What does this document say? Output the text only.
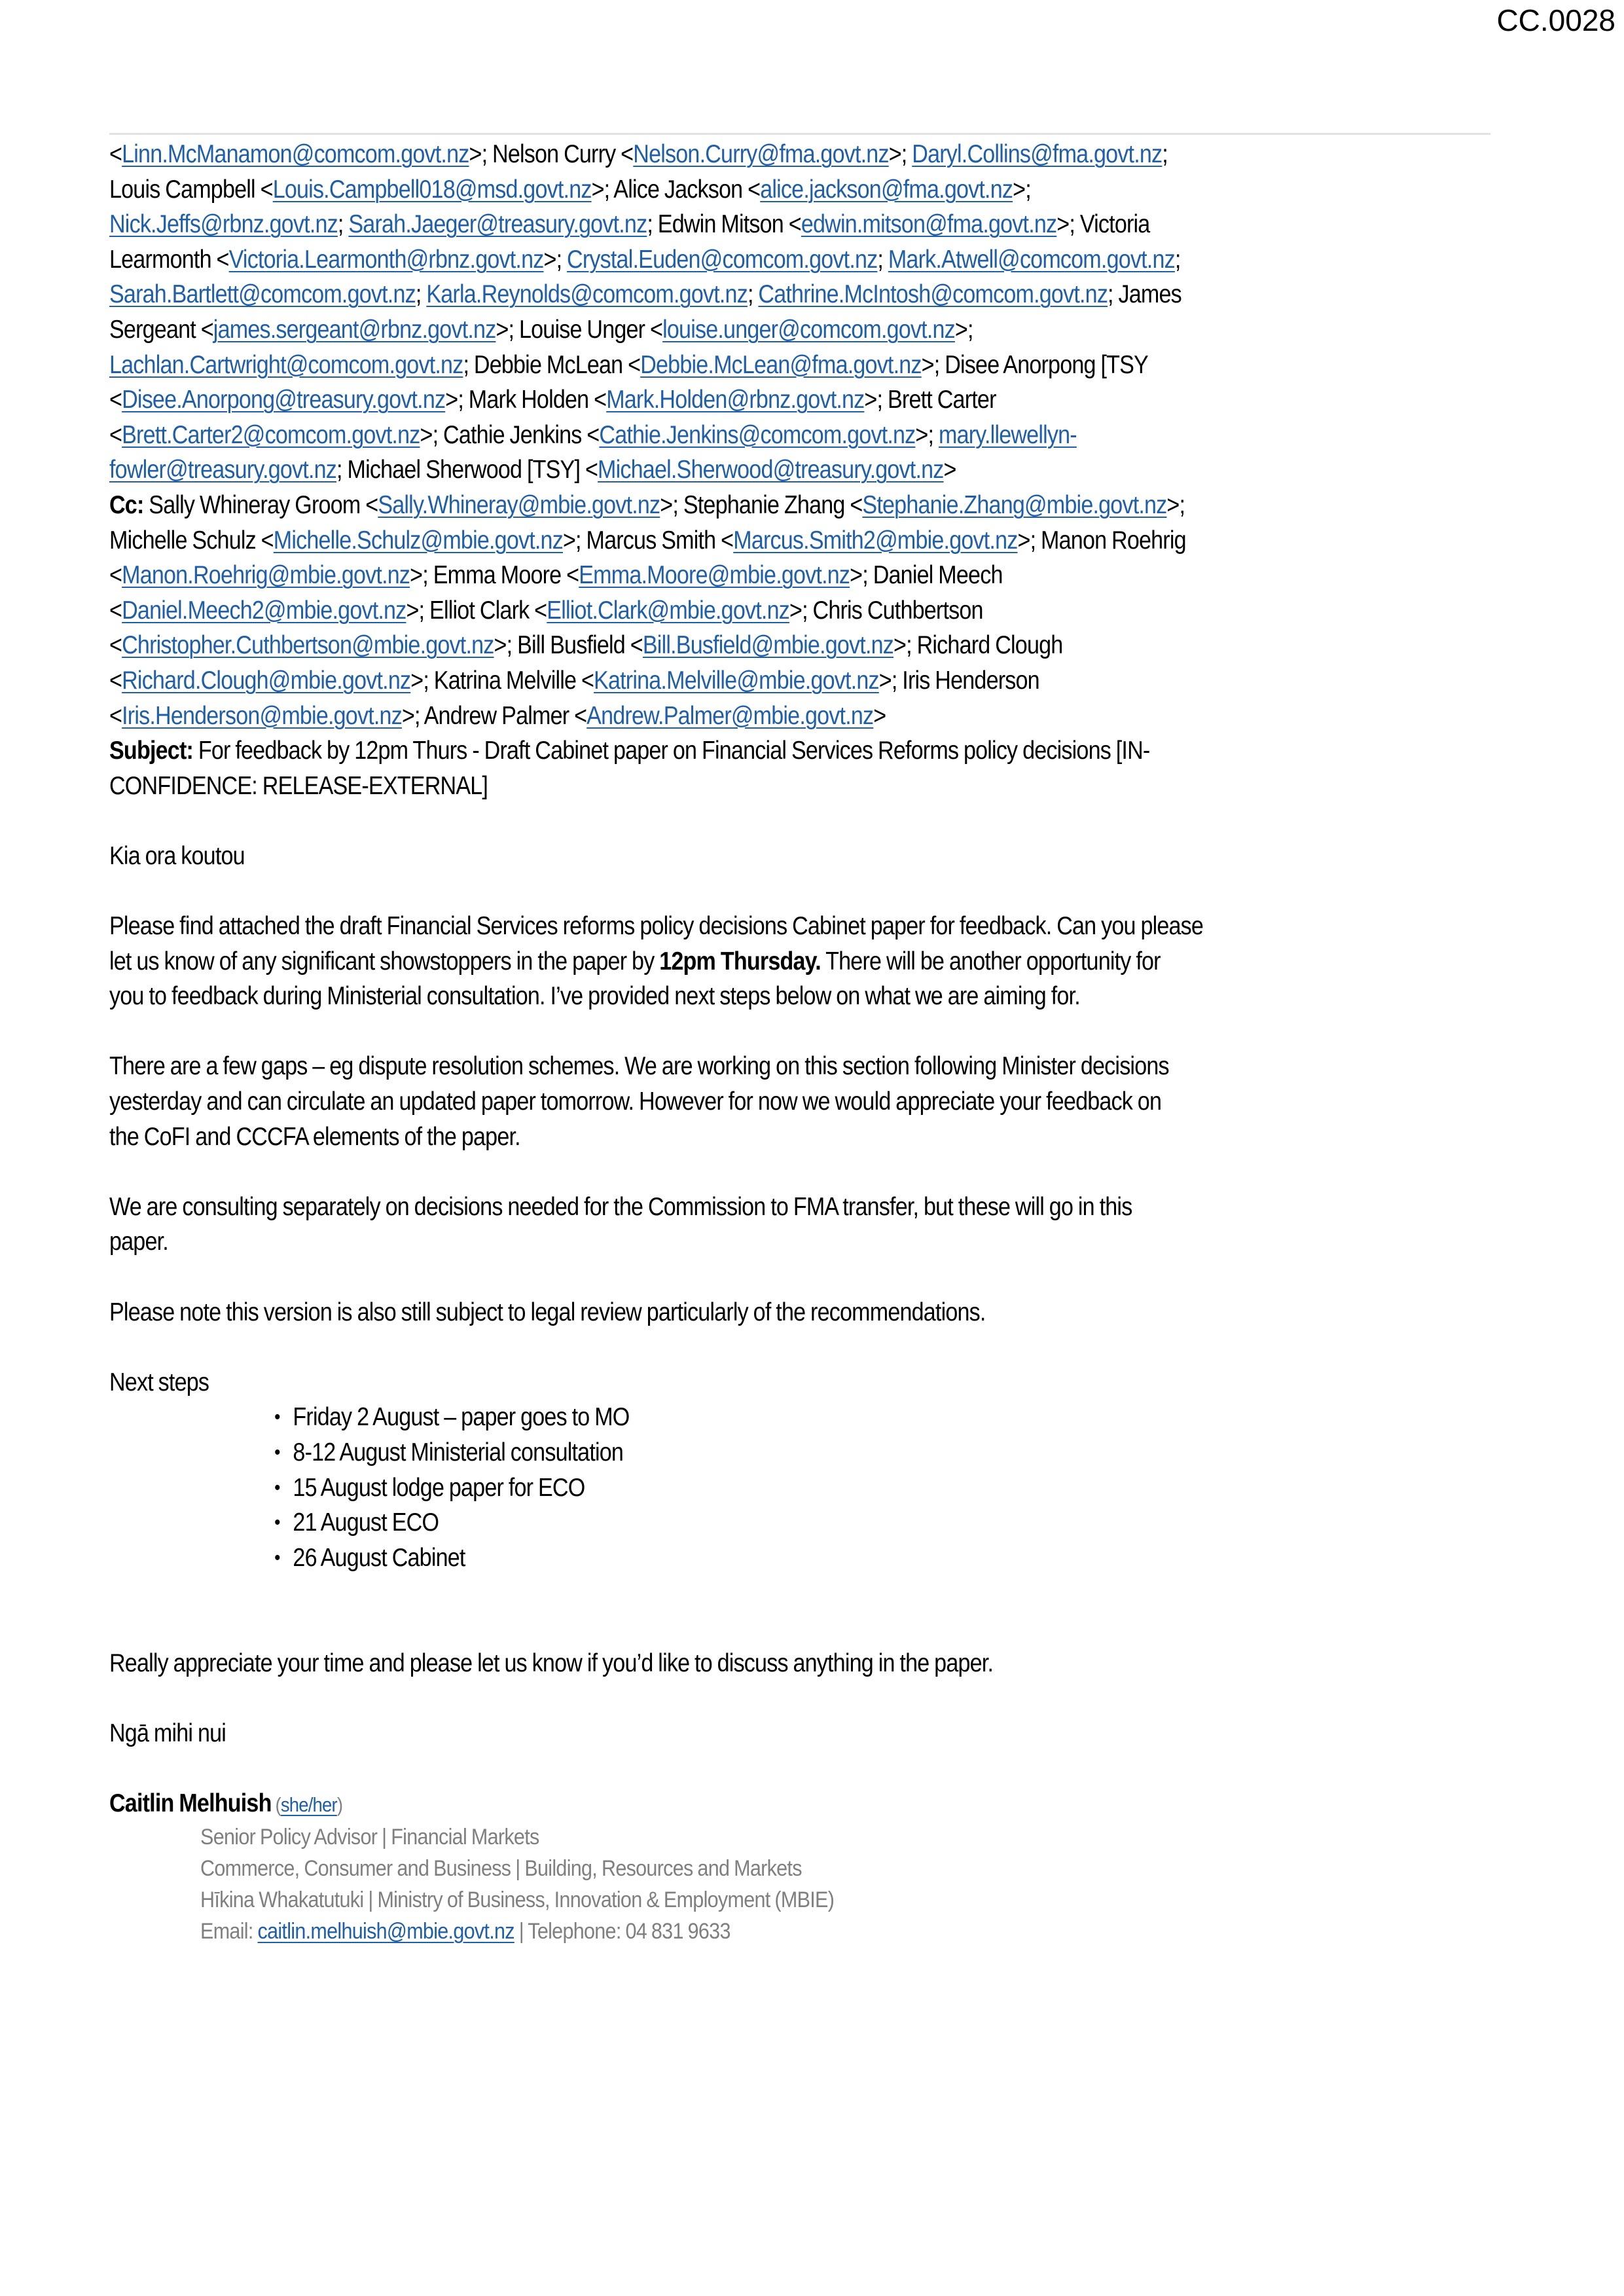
CC.0028
<Linn.McManamon@comcom.govt.nz>; Nelson Curry <Nelson.Curry@fma.govt.nz>; Daryl.Collins@fma.govt.nz;
Louis Campbell <Louis.Campbell018@msd.govt.nz>; Alice Jackson <alice.jackson@fma.govt.nz>;
Nick.Jeffs@rbnz.govt.nz; Sarah.Jaeger@treasury.govt.nz; Edwin Mitson <edwin.mitson@fma.govt.nz>; Victoria
Learmonth <Victoria.Learmonth@rbnz.govt.nz>; Crystal.Euden@comcom.govt.nz; Mark.Atwell@comcom.govt.nz;
Sarah.Bartlett@comcom.govt.nz; Karla.Reynolds@comcom.govt.nz; Cathrine.McIntosh@comcom.govt.nz; James
Sergeant <james.sergeant@rbnz.govt.nz>; Louise Unger <louise.unger@comcom.govt.nz>;
Lachlan.Cartwright@comcom.govt.nz; Debbie McLean <Debbie.McLean@fma.govt.nz>; Disee Anorpong [TSY
<Disee.Anorpong@treasury.govt.nz>; Mark Holden <Mark.Holden@rbnz.govt.nz>; Brett Carter
<Brett.Carter2@comcom.govt.nz>; Cathie Jenkins <Cathie.Jenkins@comcom.govt.nz>; mary.llewellyn-
fowler@treasury.govt.nz; Michael Sherwood [TSY] <Michael.Sherwood@treasury.govt.nz>
Cc: Sally Whineray Groom <Sally.Whineray@mbie.govt.nz>; Stephanie Zhang <Stephanie.Zhang@mbie.govt.nz>;
Michelle Schulz <Michelle.Schulz@mbie.govt.nz>; Marcus Smith <Marcus.Smith2@mbie.govt.nz>; Manon Roehrig
<Manon.Roehrig@mbie.govt.nz>; Emma Moore <Emma.Moore@mbie.govt.nz>; Daniel Meech
<Daniel.Meech2@mbie.govt.nz>; Elliot Clark <Elliot.Clark@mbie.govt.nz>; Chris Cuthbertson
<Christopher.Cuthbertson@mbie.govt.nz>; Bill Busfield <Bill.Busfield@mbie.govt.nz>; Richard Clough
<Richard.Clough@mbie.govt.nz>; Katrina Melville <Katrina.Melville@mbie.govt.nz>; Iris Henderson
<Iris.Henderson@mbie.govt.nz>; Andrew Palmer <Andrew.Palmer@mbie.govt.nz>
Subject: For feedback by 12pm Thurs - Draft Cabinet paper on Financial Services Reforms policy decisions [IN-
CONFIDENCE: RELEASE-EXTERNAL]
Kia ora koutou
Please find attached the draft Financial Services reforms policy decisions Cabinet paper for feedback. Can you please
let us know of any significant showstoppers in the paper by 12pm Thursday. There will be another opportunity for
you to feedback during Ministerial consultation. I’ve provided next steps below on what we are aiming for.
There are a few gaps – eg dispute resolution schemes. We are working on this section following Minister decisions
yesterday and can circulate an updated paper tomorrow. However for now we would appreciate your feedback on
the CoFI and CCCFA elements of the paper.
We are consulting separately on decisions needed for the Commission to FMA transfer, but these will go in this
paper.
Please note this version is also still subject to legal review particularly of the recommendations.
Next steps
• Friday 2 August – paper goes to MO
• 8-12 August Ministerial consultation
• 15 August lodge paper for ECO
• 21 August ECO
• 26 August Cabinet
Really appreciate your time and please let us know if you’d like to discuss anything in the paper.
Ngā mihi nui
Caitlin Melhuish (she/her)
Senior Policy Advisor | Financial Markets
Commerce, Consumer and Business | Building, Resources and Markets
Hīkina Whakatutuki | Ministry of Business, Innovation & Employment (MBIE)
Email: caitlin.melhuish@mbie.govt.nz | Telephone: 04 831 9633
